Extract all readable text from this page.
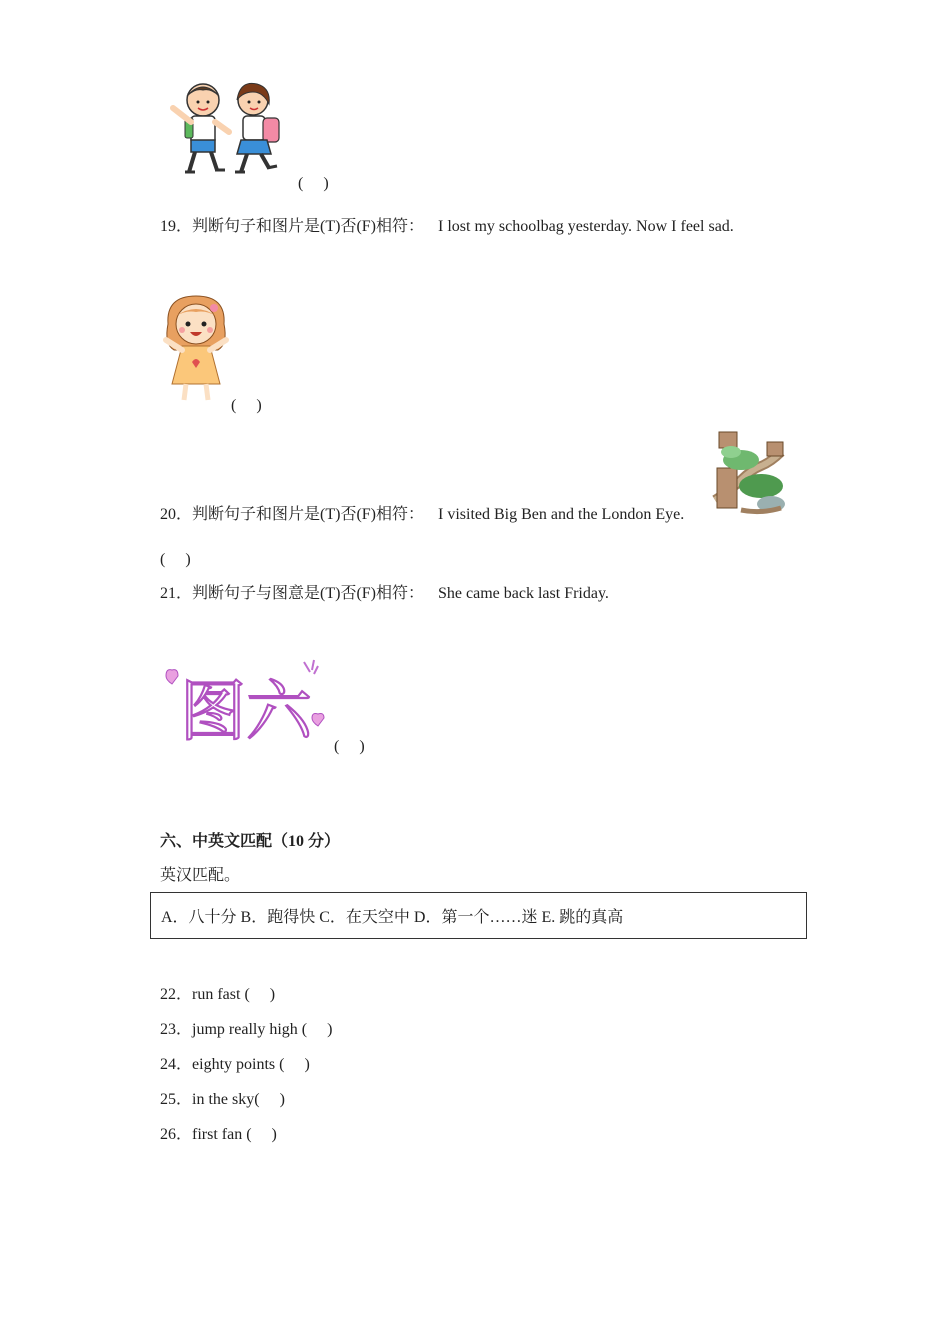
(　 )
19．判断句子和图片是(T)否(F)相符： I lost my schoolbag yesterday. Now I feel sad.
(　 )
20．判断句子和图片是(T)否(F)相符： I visited Big Ben and the London Eye.
(　 )
21．判断句子与图意是(T)否(F)相符： She came back last Friday.
图六 (　 )
六、中英文匹配（10 分）
英汉匹配。
A．八十分 B．跑得快 C．在天空中 D．第一个……迷 E. 跳的真高
22．run fast (　 )
23．jump really high (　 )
24．eighty points (　 )
25．in the sky(　 )
26．first fan (　 )
